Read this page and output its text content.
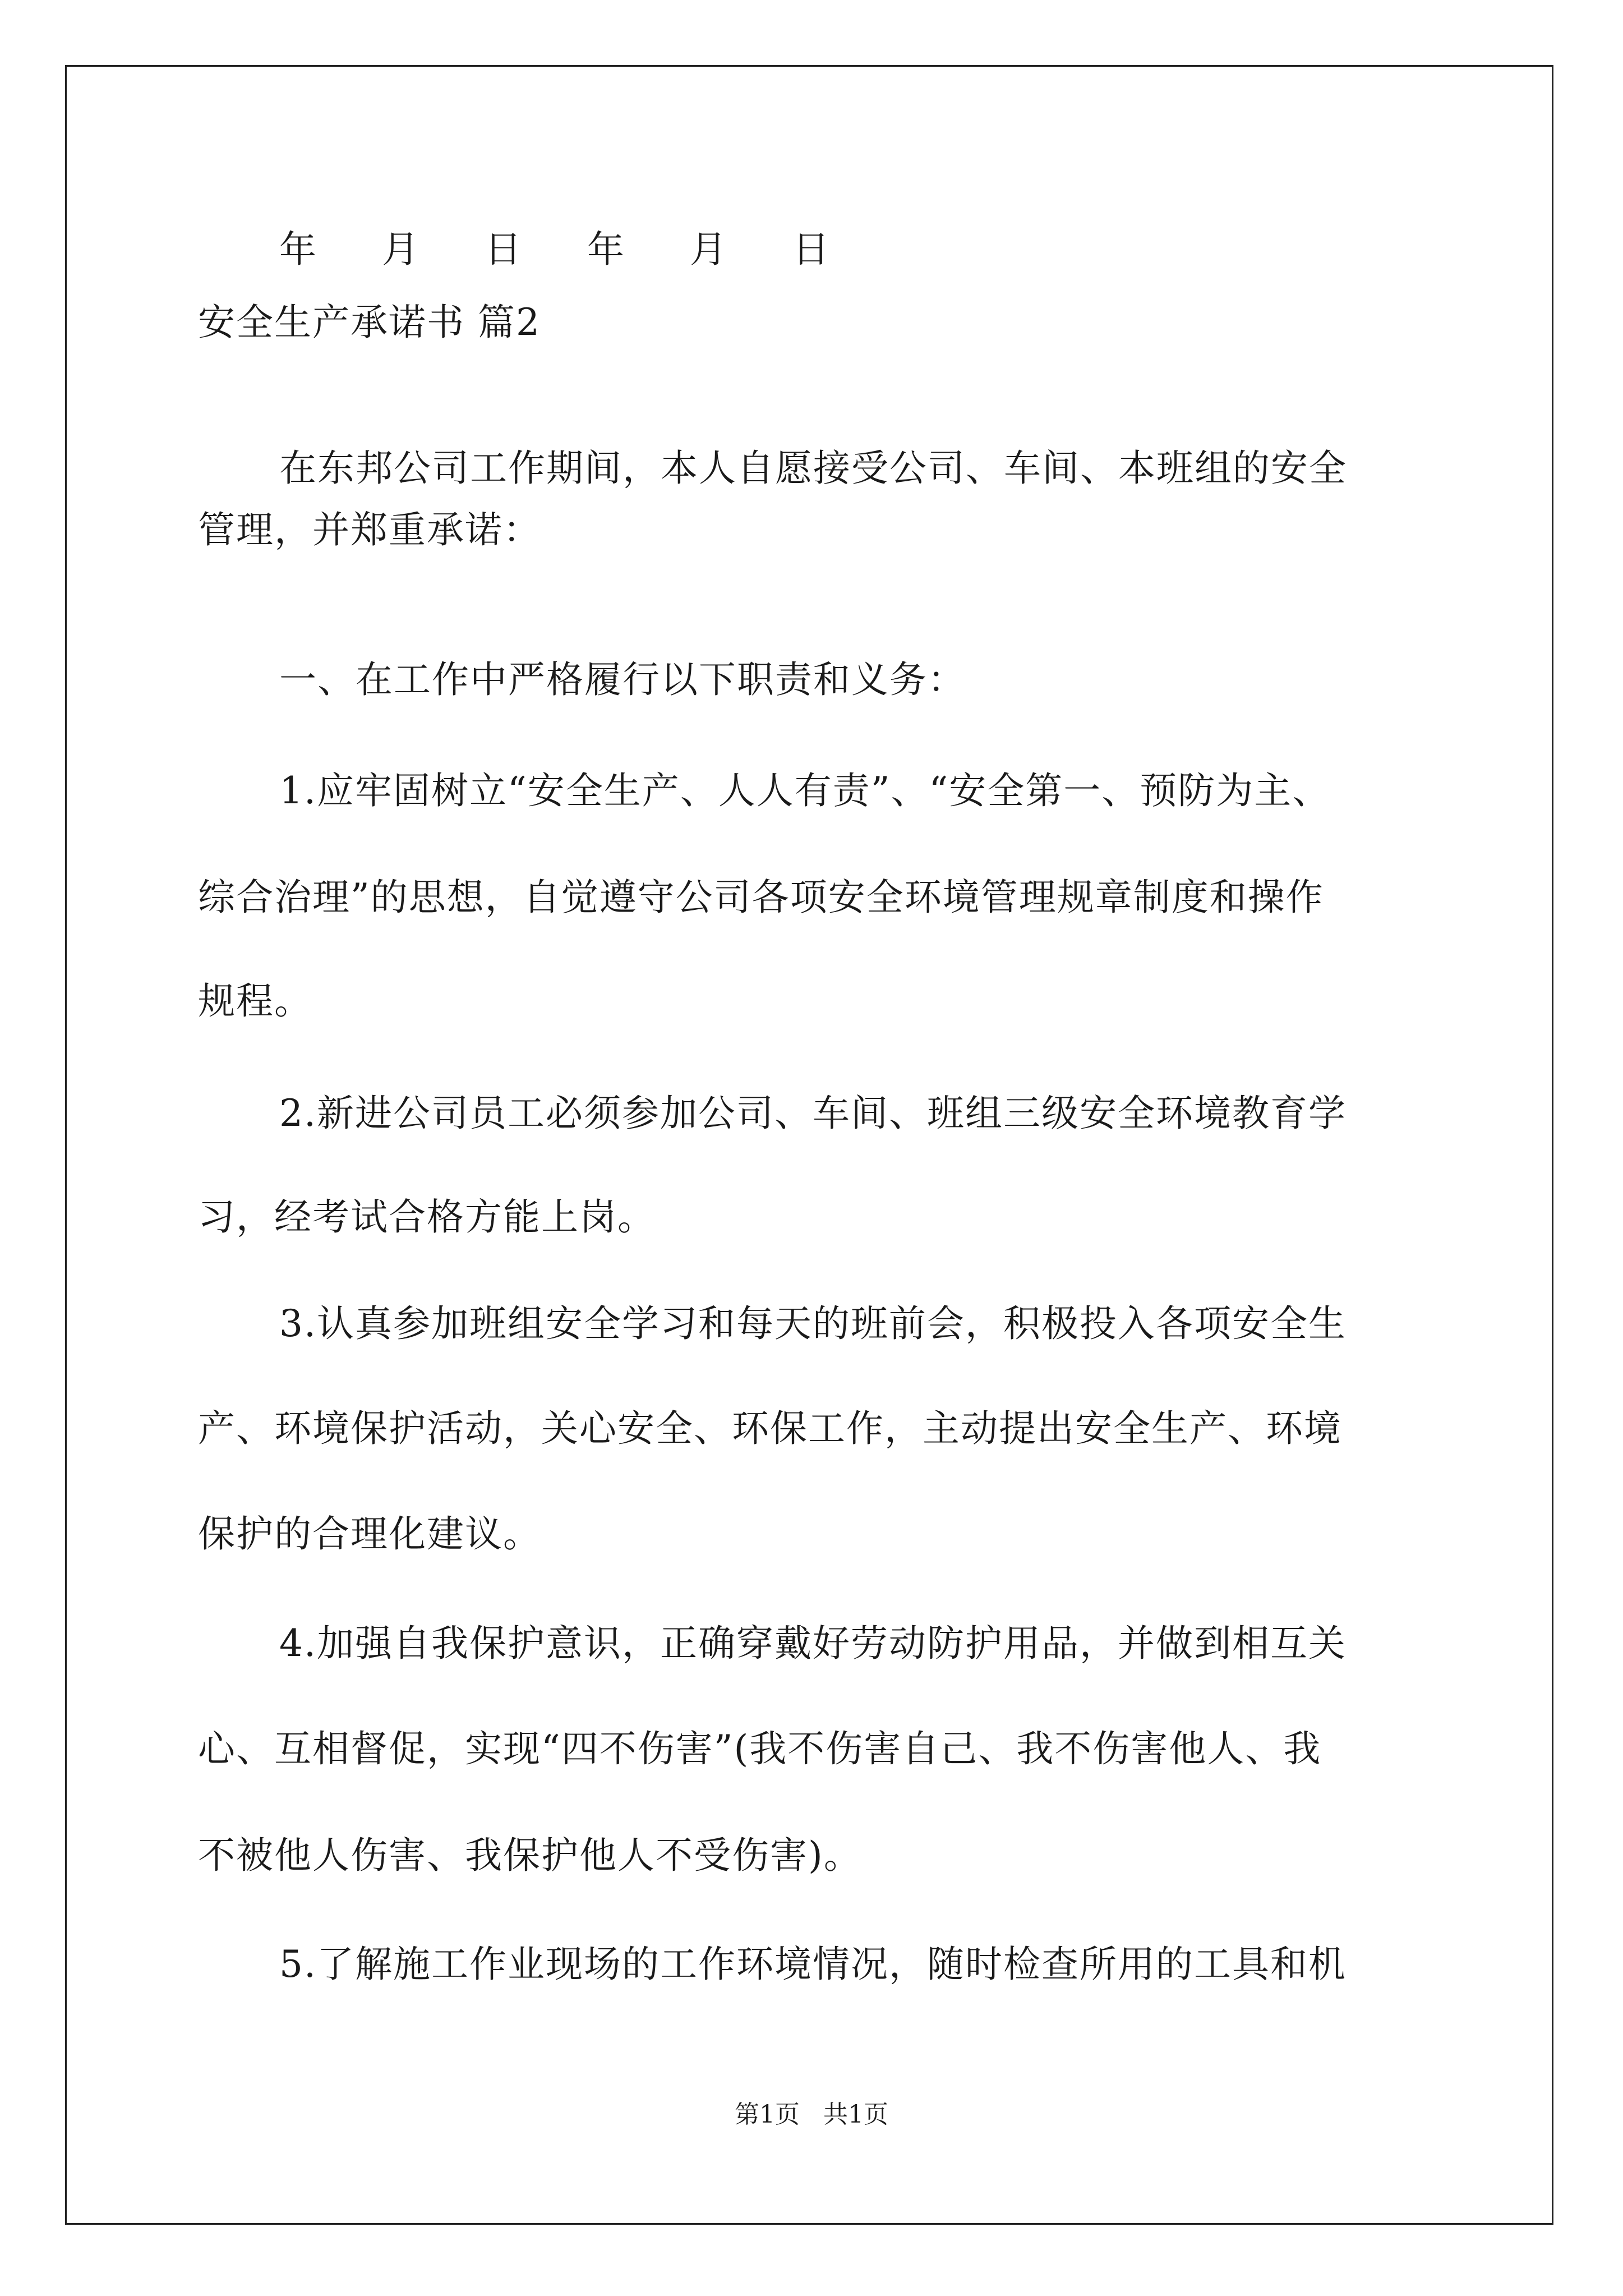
年 月 日 年 月 日
安全生产承诺书 篇2
在东邦公司工作期间，本人自愿接受公司、车间、本班组的安全
管理，并郑重承诺：
一、在工作中严格履行以下职责和义务：
1.应牢固树立“安全生产、人人有责”、“安全第一、预防为主、
综合治理”的思想，自觉遵守公司各项安全环境管理规章制度和操作
规程。
2.新进公司员工必须参加公司、车间、班组三级安全环境教育学
习，经考试合格方能上岗。
3.认真参加班组安全学习和每天的班前会，积极投入各项安全生
产、环境保护活动，关心安全、环保工作，主动提出安全生产、环境
保护的合理化建议。
4.加强自我保护意识，正确穿戴好劳动防护用品，并做到相互关
心、互相督促，实现“四不伤害”(我不伤害自己、我不伤害他人、我
不被他人伤害、我保护他人不受伤害)。
5.了解施工作业现场的工作环境情况，随时检查所用的工具和机
第1页   共1页
